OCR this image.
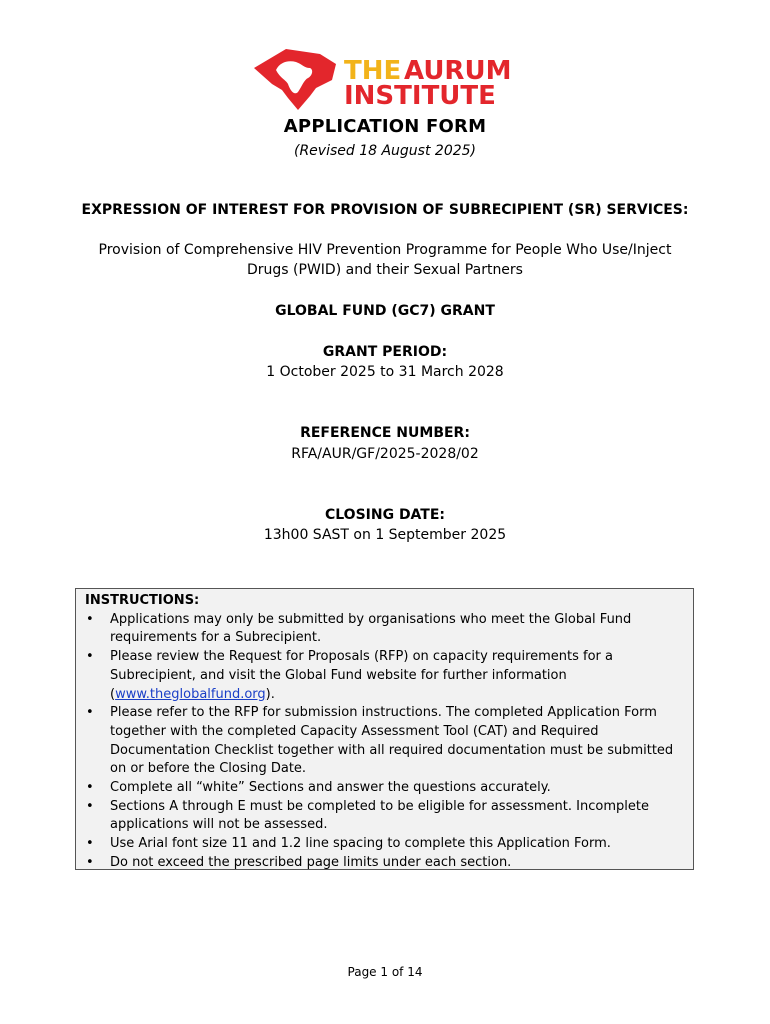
THE AURUM
INSTITUTE
APPLICATION FORM
(Revised 18 August 2025)
EXPRESSION OF INTEREST FOR PROVISION OF SUBRECIPIENT (SR) SERVICES:
Provision of Comprehensive HIV Prevention Programme for People Who Use/Inject Drugs (PWID) and their Sexual Partners
GLOBAL FUND (GC7) GRANT
GRANT PERIOD:
1 October 2025 to 31 March 2028
REFERENCE NUMBER:
RFA/AUR/GF/2025-2028/02
CLOSING DATE:
13h00 SAST on 1 September 2025
INSTRUCTIONS:
• Applications may only be submitted by organisations who meet the Global Fund requirements for a Subrecipient.
• Please review the Request for Proposals (RFP) on capacity requirements for a Subrecipient, and visit the Global Fund website for further information
(www.theglobalfund.org).
• Please refer to the RFP for submission instructions. The completed Application Form together with the completed Capacity Assessment Tool (CAT) and Required Documentation Checklist together with all required documentation must be submitted on or before the Closing Date.
• Complete all “white” Sections and answer the questions accurately.
• Sections A through E must be completed to be eligible for assessment. Incomplete applications will not be assessed.
• Use Arial font size 11 and 1.2 line spacing to complete this Application Form.
• Do not exceed the prescribed page limits under each section.
Page 1 of 14
